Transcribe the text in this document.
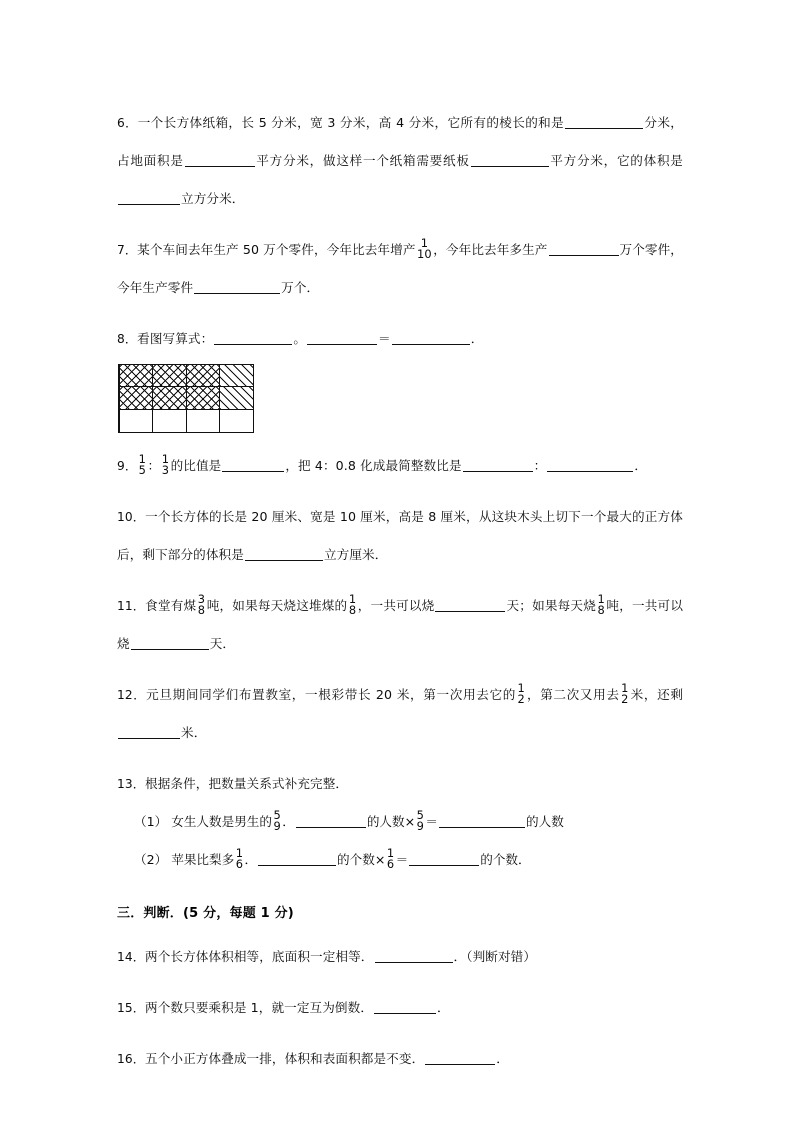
6．一个长方体纸箱，长 5 分米，宽 3 分米，高 4 分米，它所有的棱长的和是	分米，占地面积是	平方分米，做这样一个纸箱需要纸板	平方分米，它的体积是立方分米．
7．某个车间去年生产 50 万个零件，今年比去年增产 1
10 ，今年比去年多生产	万个零件，今年生产零件	万个．
8．看图写算式：	。	＝	．
9．
1
5 ： 1
3 的比值是	，把 4：0.8 化成最简整数比是	：	．
10．一个长方体的长是 20 厘米、宽是 10 厘米，高是 8 厘米，从这块木头上切下一个最大的正方体后，剩下部分的体积是	立方厘米．
11．食堂有煤 3
8 吨，如果每天烧这堆煤的 1
8 ，一共可以烧	天；如果每天烧 1
8 吨，一共可以烧	天．
12．元旦期间同学们布置教室，一根彩带长 20 米，第一次用去它的 1
2 ，第二次又用去 1
2 米，还剩米．
13．根据条件，把数量关系式补充完整．
（1） 女生人数是男生的 5
9 ．	的人数× 5
9 ＝	的人数
（2） 苹果比梨多 1
6 ．	的个数× 1
6 ＝	的个数．
三．判断．(5 分，每题 1 分)
14．两个长方体体积相等，底面积一定相等．	．（判断对错）
15．两个数只要乘积是 1，就一定互为倒数．	．
16．五个小正方体叠成一排，体积和表面积都是不变．	．
